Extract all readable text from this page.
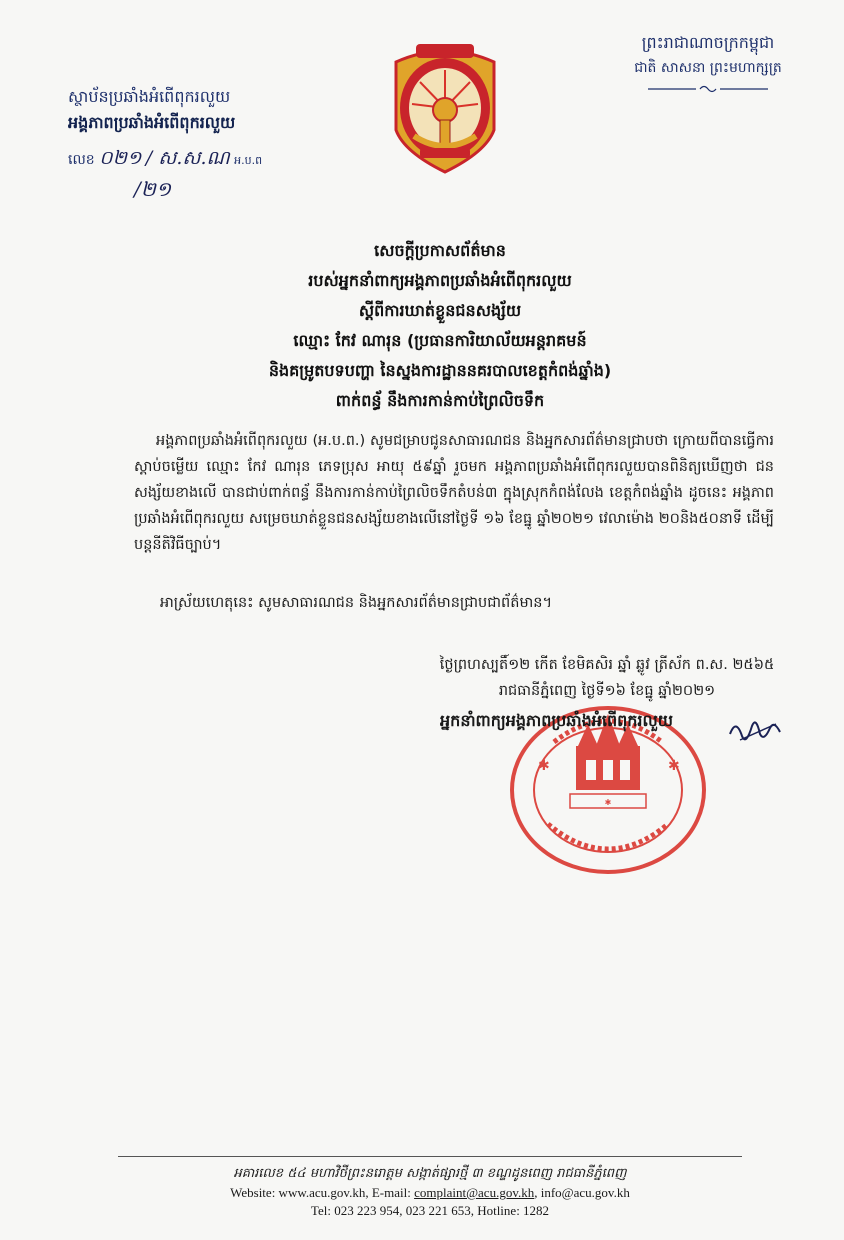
ស្ថាប័នប្រឆាំងអំពើពុករលួយ
អង្គភាពប្រឆាំងអំពើពុករលួយ
លេខ ០២១ / ស.ស.ណ អ.ប.ព
/២១
ព្រះរាជាណាចក្រកម្ពុជា
ជាតិ សាសនា ព្រះមហាក្សត្រ
សេចក្តីប្រកាសព័ត៌មាន
របស់អ្នកនាំពាក្យអង្គភាពប្រឆាំងអំពើពុករលួយ
ស្តីពីការឃាត់ខ្លួនជនសង្ស័យ
ឈ្មោះ កែវ ណារុន (ប្រធានការិយាល័យអន្តរាគមន៍
និងគម្រូតបទបញ្ហា នៃស្នងការដ្ឋាននគរបាលខេត្តកំពង់ឆ្នាំង)
ពាក់ពន្ធ័ នឹងការកាន់កាប់ព្រៃលិចទឹក

អង្គភាពប្រឆាំងអំពើពុករលួយ (អ.ប.ព.) សូមជម្រាបជូនសាធារណជន និងអ្នកសារព័ត៌មានជ្រាបថា ក្រោយពីបានធ្វើការស្តាប់ចម្លើយ ឈ្មោះ កែវ ណារុន ភេទប្រុស អាយុ ៥៩ឆ្នាំ រួចមក អង្គភាពប្រឆាំងអំពើពុករលួយបានពិនិត្យឃើញថា ជនសង្ស័យខាងលើ បានជាប់ពាក់ពន្ធ័ នឹងការកាន់កាប់ព្រៃលិចទឹកតំបន់៣ ក្នុងស្រុកកំពង់លែង ខេត្តកំពង់ឆ្នាំង ដូចនេះ អង្គភាពប្រឆាំងអំពើពុករលួយ សម្រេចឃាត់ខ្លួនជនសង្ស័យខាងលើនៅថ្ងៃទី ១៦ ខែធ្នូ ឆ្នាំ២០២១ វេលាម៉ោង ២០និង៥០នាទី ដើម្បីបន្តនីតិវិធីច្បាប់។

អាស្រ័យហេតុនេះ សូមសាធារណជន និងអ្នកសារព័ត៌មានជ្រាបជាព័ត៌មាន។
ថ្ងៃព្រហស្បតិ៍១២ កើត ខែមិគសិរ ឆ្នាំ ឆ្លូវ ត្រីស័ក ព.ស. ២៥៦៥
រាជធានីភ្នំពេញ ថ្ងៃទី១៦ ខែធ្នូ ឆ្នាំ២០២១
✱
✱	✱
អ្នកនាំពាក្យអង្គភាពប្រឆាំងអំពើពុករលួយ
អគារលេខ ៥៤ មហាវិថីព្រះនរោត្តម សង្កាត់ផ្សារថ្មី ៣ ខណ្ឌដូនពេញ រាជធានីភ្នំពេញ
Website: www.acu.gov.kh, E-mail: complaint@acu.gov.kh, info@acu.gov.kh
Tel: 023 223 954, 023 221 653, Hotline: 1282
